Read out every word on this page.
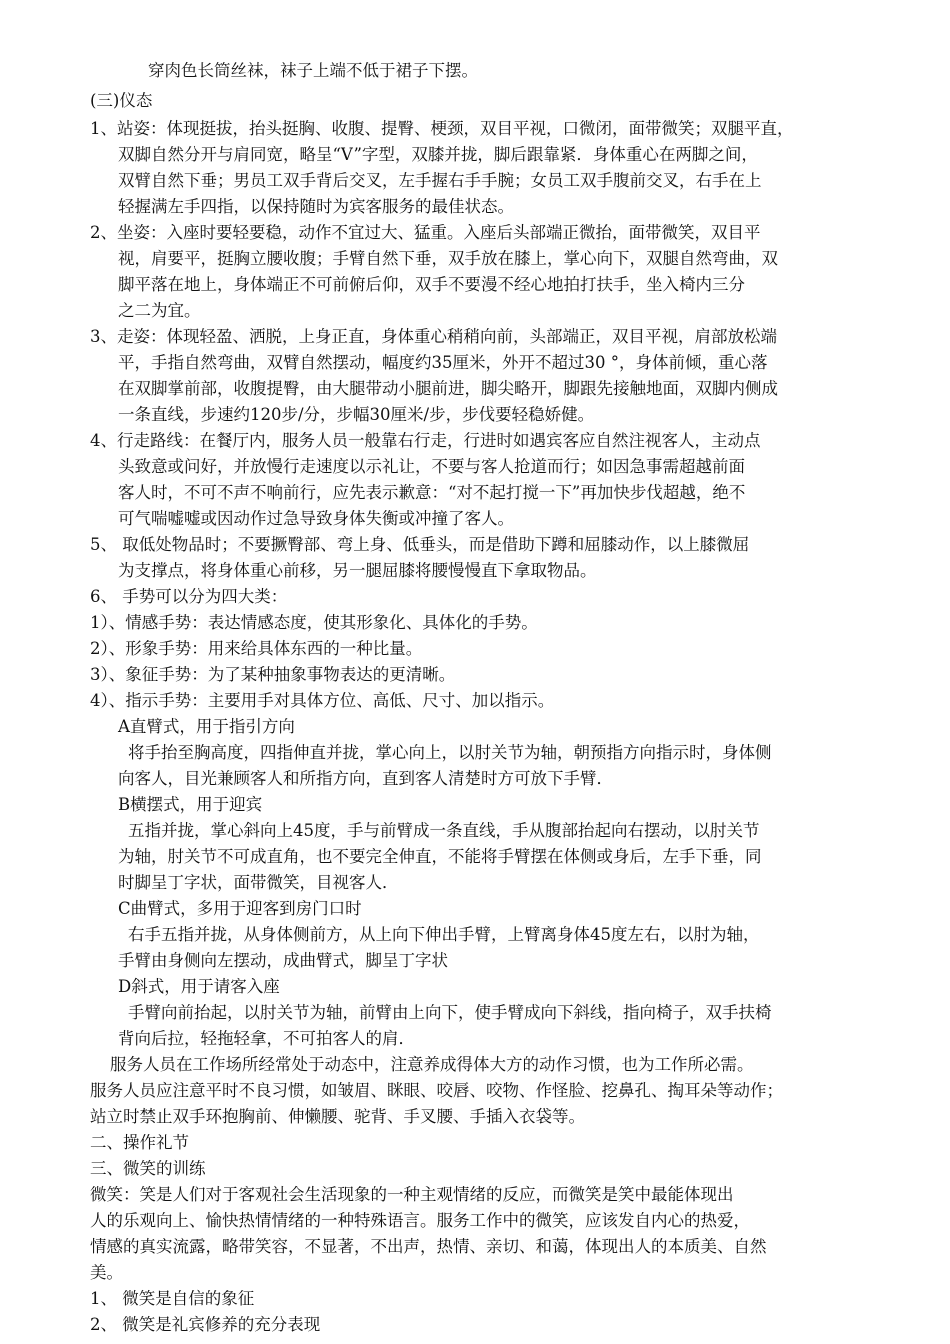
穿肉色长筒丝袜，袜子上端不低于裙子下摆。

(三)仪态

1、站姿：体现挺拔，抬头挺胸、收腹、提臀、梗颈，双目平视，口微闭，面带微笑；双腿平直，

双脚自然分开与肩同宽，略呈“V”字型，双膝并拢，脚后跟靠紧．身体重心在两脚之间，

双臂自然下垂；男员工双手背后交叉，左手握右手手腕；女员工双手腹前交叉，右手在上

轻握满左手四指，以保持随时为宾客服务的最佳状态。

2、坐姿：入座时要轻要稳，动作不宜过大、猛重。入座后头部端正微抬，面带微笑，双目平

视，肩要平，挺胸立腰收腹；手臂自然下垂，双手放在膝上，掌心向下，双腿自然弯曲，双

脚平落在地上，身体端正不可前俯后仰，双手不要漫不经心地拍打扶手，坐入椅内三分

之二为宜。

3、走姿：体现轻盈、洒脱，上身正直，身体重心稍稍向前，头部端正，双目平视，肩部放松端

平，手指自然弯曲，双臂自然摆动，幅度约35厘米，外开不超过30 °，身体前倾，重心落

在双脚掌前部，收腹提臀，由大腿带动小腿前进，脚尖略开，脚跟先接触地面，双脚内侧成

一条直线，步速约120步/分，步幅30厘米/步，步伐要轻稳娇健。

4、行走路线：在餐厅内，服务人员一般靠右行走，行进时如遇宾客应自然注视客人，主动点

头致意或问好，并放慢行走速度以示礼让，不要与客人抢道而行；如因急事需超越前面

客人时，不可不声不响前行，应先表示歉意：“对不起打搅一下”再加快步伐超越，绝不

可气喘嘘嘘或因动作过急导致身体失衡或冲撞了客人。

5、 取低处物品时；不要撅臀部、弯上身、低垂头，而是借助下蹲和屈膝动作，以上膝微屈

为支撑点，将身体重心前移，另一腿屈膝将腰慢慢直下拿取物品。

6、 手势可以分为四大类：

1）、情感手势：表达情感态度，使其形象化、具体化的手势。

2）、形象手势：用来给具体东西的一种比量。

3）、象征手势：为了某种抽象事物表达的更清晰。

4）、指示手势：主要用手对具体方位、高低、尺寸、加以指示。

A直臂式，用于指引方向

将手抬至胸高度，四指伸直并拢，掌心向上，以肘关节为轴，朝预指方向指示时，身体侧

向客人，目光兼顾客人和所指方向，直到客人清楚时方可放下手臂．

B横摆式，用于迎宾

五指并拢，掌心斜向上45度，手与前臂成一条直线，手从腹部抬起向右摆动，以肘关节

为轴，肘关节不可成直角，也不要完全伸直，不能将手臂摆在体侧或身后，左手下垂，同

时脚呈丁字状，面带微笑，目视客人．

C曲臂式，多用于迎客到房门口时

右手五指并拢，从身体侧前方，从上向下伸出手臂，上臂离身体45度左右，以肘为轴，

手臂由身侧向左摆动，成曲臂式，脚呈丁字状

D斜式，用于请客入座

手臂向前抬起，以肘关节为轴，前臂由上向下，使手臂成向下斜线，指向椅子，双手扶椅

背向后拉，轻拖轻拿，不可拍客人的肩．

服务人员在工作场所经常处于动态中，注意养成得体大方的动作习惯，也为工作所必需。

服务人员应注意平时不良习惯，如皱眉、眯眼、咬唇、咬物、作怪脸、挖鼻孔、掏耳朵等动作；

站立时禁止双手环抱胸前、伸懒腰、驼背、手叉腰、手插入衣袋等。

二、操作礼节

三、微笑的训练

微笑：笑是人们对于客观社会生活现象的一种主观情绪的反应，而微笑是笑中最能体现出

人的乐观向上、愉快热情情绪的一种特殊语言。服务工作中的微笑，应该发自内心的热爱，

情感的真实流露，略带笑容，不显著，不出声，热情、亲切、和蔼，体现出人的本质美、自然

美。

1、 微笑是自信的象征

2、 微笑是礼宾修养的充分表现
